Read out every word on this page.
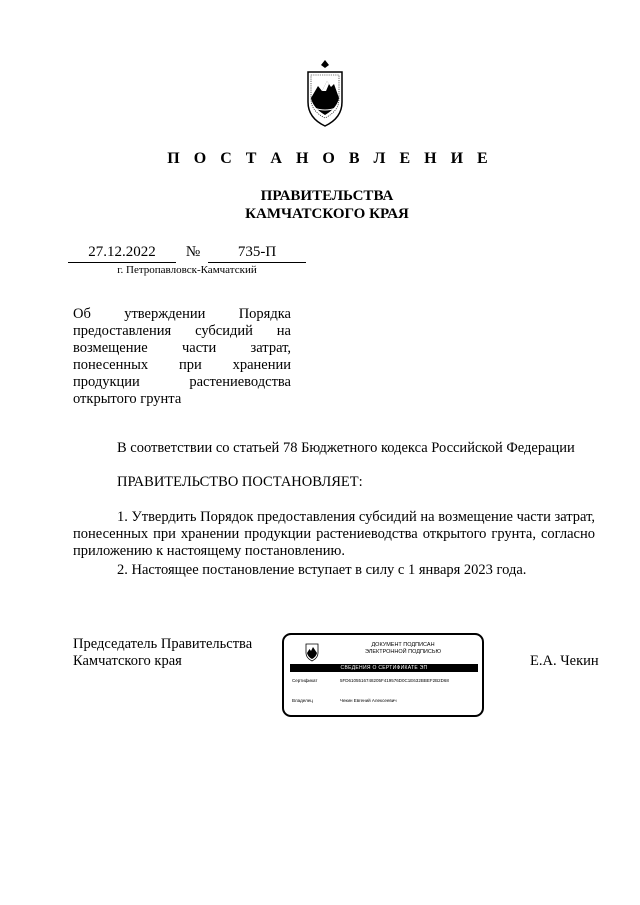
П О С Т А Н О В Л Е Н И Е
ПРАВИТЕЛЬСТВА
КАМЧАТСКОГО КРАЯ
27.12.2022	№	735-П
г. Петропавловск-Камчатский
Об утверждении Порядка предоставления субсидий на возмещение части затрат, понесенных при хранении продукции растениеводства открытого грунта
В соответствии со статьей 78 Бюджетного кодекса Российской Федерации
ПРАВИТЕЛЬСТВО ПОСТАНОВЛЯЕТ:
1. Утвердить Порядок предоставления субсидий на возмещение части затрат, понесенных при хранении продукции растениеводства открытого грунта, согласно приложению к настоящему постановлению.
2. Настоящее постановление вступает в силу с 1 января 2023 года.
Председатель Правительства
Камчатского края
ДОКУМЕНТ ПОДПИСАН
ЭЛЕКТРОННОЙ ПОДПИСЬЮ
СВЕДЕНИЯ О СЕРТИФИКАТЕ ЭП
Сертификат	5FD6105516748205F419576D0C1E632BBEF2B2D68
Владелец	Чекин Евгений Алексеевич
Е.А. Чекин
